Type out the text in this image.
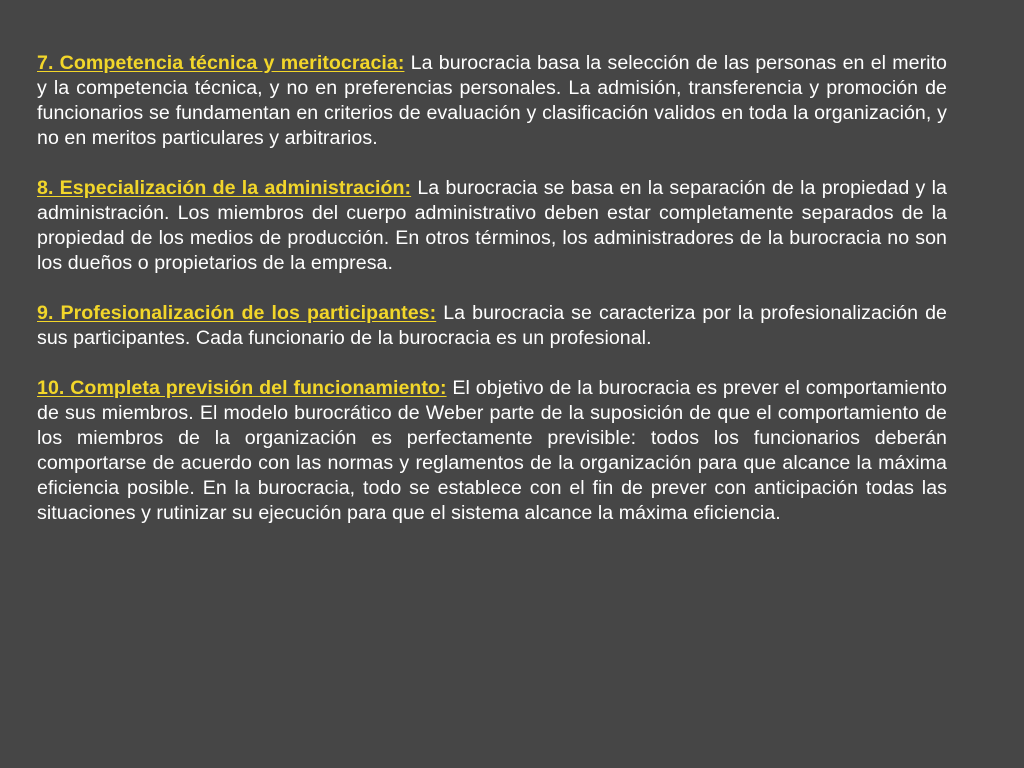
7. Competencia técnica y meritocracia: La burocracia basa la selección de las personas en el merito y la competencia técnica, y no en preferencias personales. La admisión, transferencia y promoción de funcionarios se fundamentan en criterios de evaluación y clasificación validos en toda la organización, y no en meritos particulares y arbitrarios.

8. Especialización de la administración: La burocracia se basa en la separación de la propiedad y la administración. Los miembros del cuerpo administrativo deben estar completamente separados de la propiedad de los medios de producción. En otros términos, los administradores de la burocracia no son los dueños o propietarios de la empresa.

9. Profesionalización de los participantes: La burocracia se caracteriza por la profesionalización de sus participantes. Cada funcionario de la burocracia es un profesional.

10. Completa previsión del funcionamiento: El objetivo de la burocracia es prever el comportamiento de sus miembros. El modelo burocrático de Weber parte de la suposición de que el comportamiento de los miembros de la organización es perfectamente previsible: todos los funcionarios deberán comportarse de acuerdo con las normas y reglamentos de la organización para que alcance la máxima eficiencia posible. En la burocracia, todo se establece con el fin de prever con anticipación todas las situaciones y rutinizar su ejecución para que el sistema alcance la máxima eficiencia.
